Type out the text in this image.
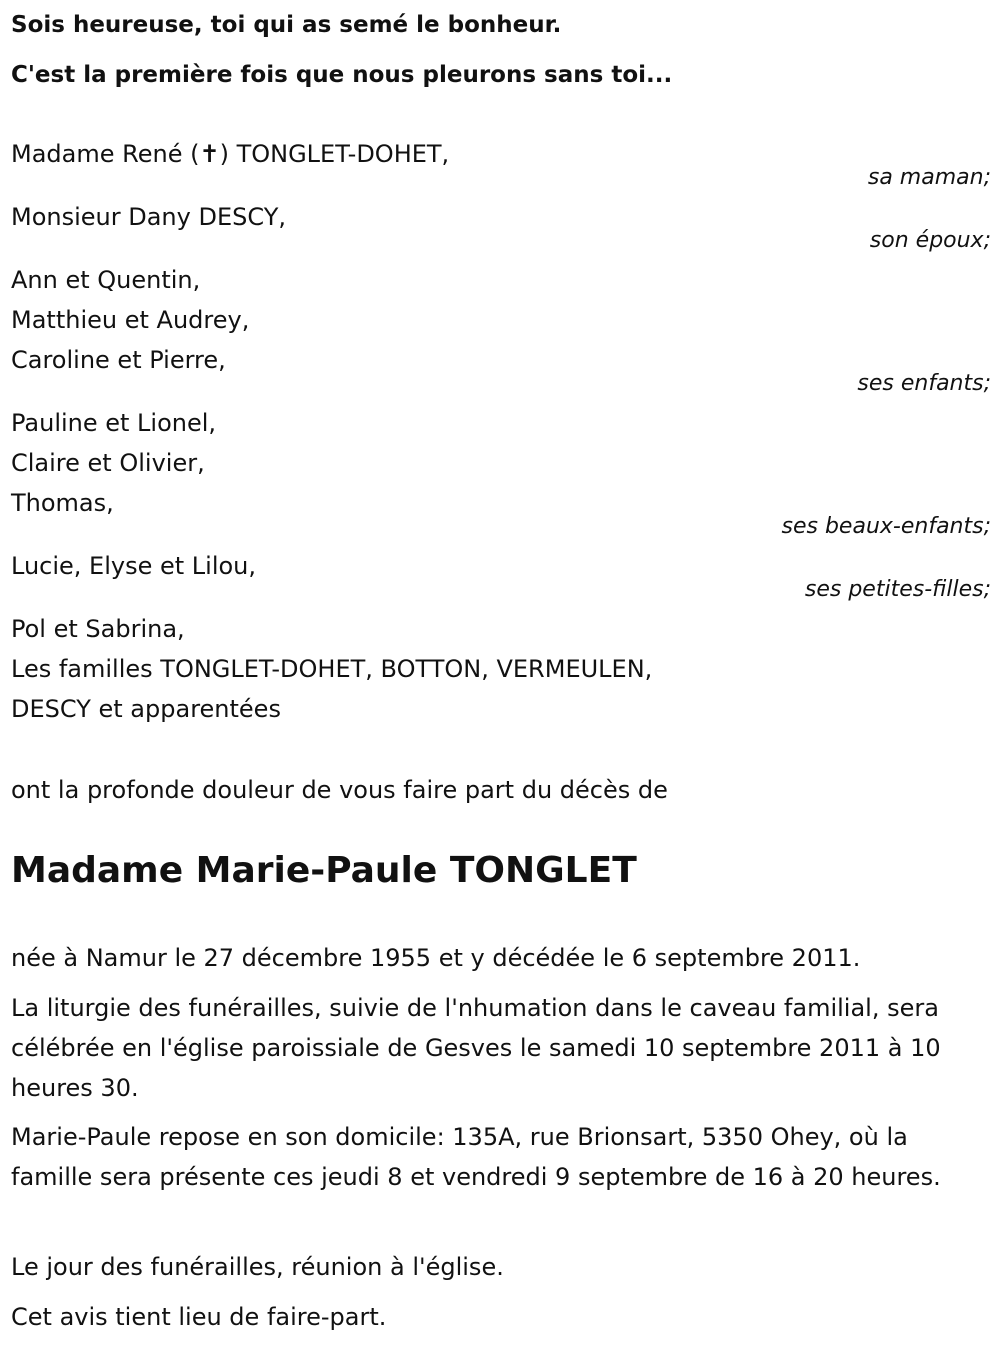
Sois heureuse, toi qui as semé le bonheur.

C'est la première fois que nous pleurons sans toi...

Madame René (✝) TONGLET-DOHET,
sa maman;
Monsieur Dany DESCY,
son époux;
Ann et Quentin,
Matthieu et Audrey,
Caroline et Pierre,
ses enfants;
Pauline et Lionel,
Claire et Olivier,
Thomas,
ses beaux-enfants;
Lucie, Elyse et Lilou,
ses petites-filles;
Pol et Sabrina,
Les familles TONGLET-DOHET, BOTTON, VERMEULEN,
DESCY et apparentées
ont la profonde douleur de vous faire part du décès de
Madame Marie-Paule TONGLET
née à Namur le 27 décembre 1955 et y décédée le 6 septembre 2011.
La liturgie des funérailles, suivie de l'nhumation dans le caveau familial, sera célébrée en l'église paroissiale de Gesves le samedi 10 septembre 2011 à 10 heures 30.
Marie-Paule repose en son domicile: 135A, rue Brionsart, 5350 Ohey, où la famille sera présente ces jeudi 8 et vendredi 9 septembre de 16 à 20 heures.
Le jour des funérailles, réunion à l'église.
Cet avis tient lieu de faire-part.
